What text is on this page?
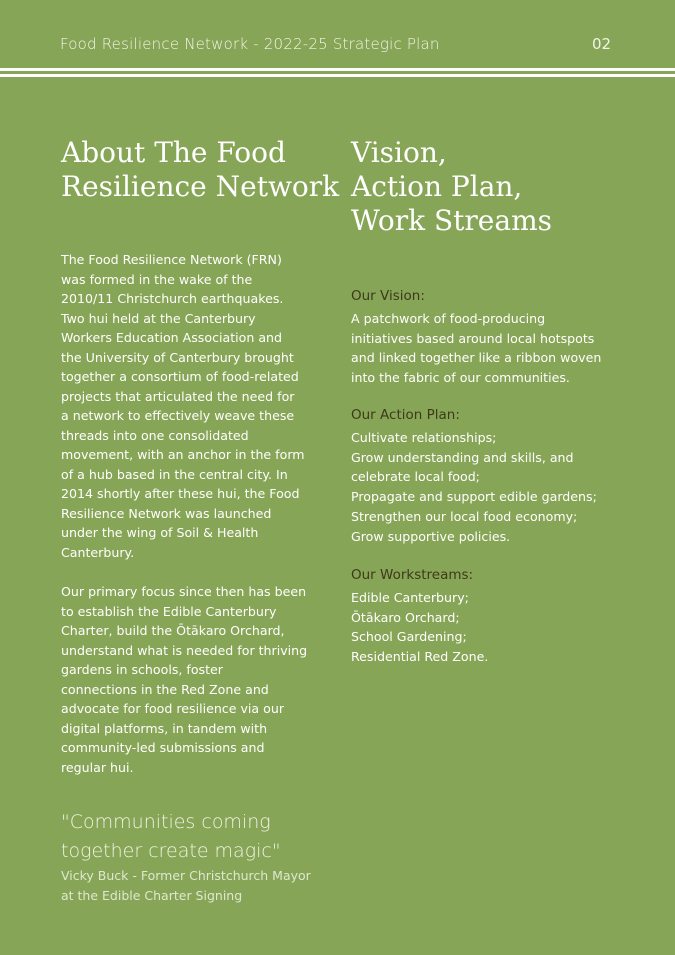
Food Resilience Network - 2022-25 Strategic Plan	02
About The Food
Resilience Network
The Food Resilience Network (FRN)
was formed in the wake of the
2010/11 Christchurch earthquakes.
Two hui held at the Canterbury
Workers Education Association and
the University of Canterbury brought
together a consortium of food-related
projects that articulated the need for
a network to effectively weave these
threads into one consolidated
movement, with an anchor in the form
of a hub based in the central city. In
2014 shortly after these hui, the Food
Resilience Network was launched
under the wing of Soil & Health
Canterbury.
Our primary focus since then has been
to establish the Edible Canterbury
Charter, build the Ōtākaro Orchard,
understand what is needed for thriving
gardens in schools, foster
connections in the Red Zone and
advocate for food resilience via our
digital platforms, in tandem with
community-led submissions and
regular hui.
"Communities coming
together create magic"
Vicky Buck - Former Christchurch Mayor
at the Edible Charter Signing
Vision,
Action Plan,
Work Streams
Our Vision:
A patchwork of food-producing
initiatives based around local hotspots
and linked together like a ribbon woven
into the fabric of our communities.
Our Action Plan:
Cultivate relationships;
Grow understanding and skills, and
celebrate local food;
Propagate and support edible gardens;
Strengthen our local food economy;
Grow supportive policies.
Our Workstreams:
Edible Canterbury;
Ōtākaro Orchard;
School Gardening;
Residential Red Zone.
